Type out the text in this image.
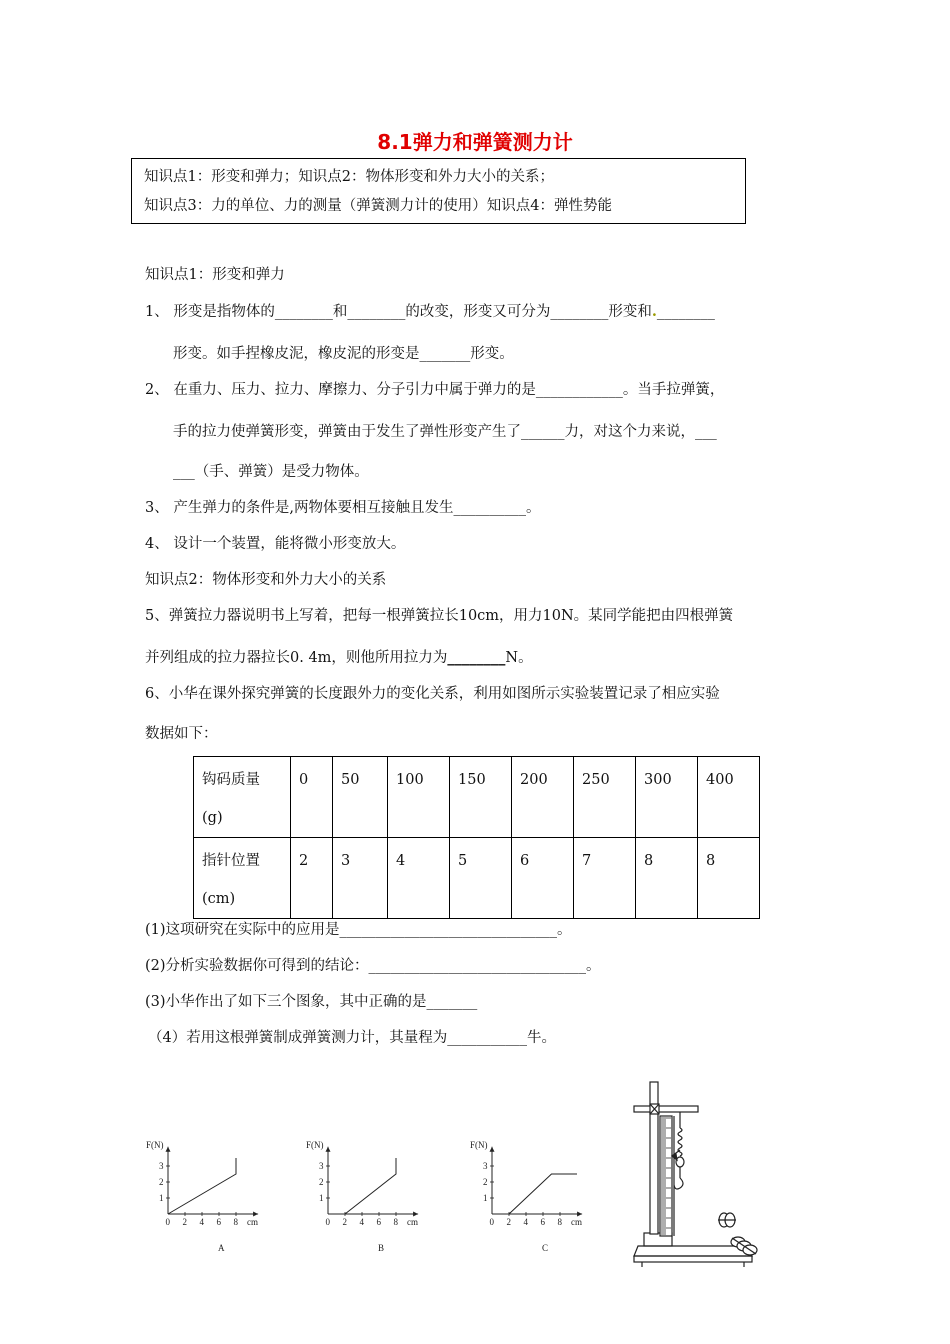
8.1弹力和弹簧测力计
知识点1：形变和弹力；知识点2：物体形变和外力大小的关系；
知识点3：力的单位、力的测量（弹簧测力计的使用）知识点4：弹性势能
知识点1：形变和弹力
1、 形变是指物体的________和________的改变，形变又可分为________形变和.________
形变。如手捏橡皮泥，橡皮泥的形变是_______形变。
2、 在重力、压力、拉力、摩擦力、分子引力中属于弹力的是____________。当手拉弹簧，
手的拉力使弹簧形变，弹簧由于发生了弹性形变产生了______力，对这个力来说，___
___（手、弹簧）是受力物体。
3、 产生弹力的条件是,两物体要相互接触且发生__________。
4、 设计一个装置，能将微小形变放大。
知识点2：物体形变和外力大小的关系
5、弹簧拉力器说明书上写着，把每一根弹簧拉长10cm，用力10N。某同学能把由四根弹簧
并列组成的拉力器拉长0. 4m，则他所用拉力为________N。
6、小华在课外探究弹簧的长度跟外力的变化关系，利用如图所示实验装置记录了相应实验
数据如下：
钩码质量
(g)	0	50	100	150	200	250	300	400
指针位置
(cm)	2	3	4	5	6	7	8	8
(1)这项研究在实际中的应用是______________________________。
(2)分析实验数据你可得到的结论：______________________________。
(3)小华作出了如下三个图象，其中正确的是_______
（4）若用这根弹簧制成弹簧测力计，其量程为___________牛。
F(N)
cm
1
2
3
0 2 4 6 8
A
F(N)
cm
1
2
3
0 2 4 6 8
B
F(N)
cm
1
2
3
0 2 4 6 8
C
